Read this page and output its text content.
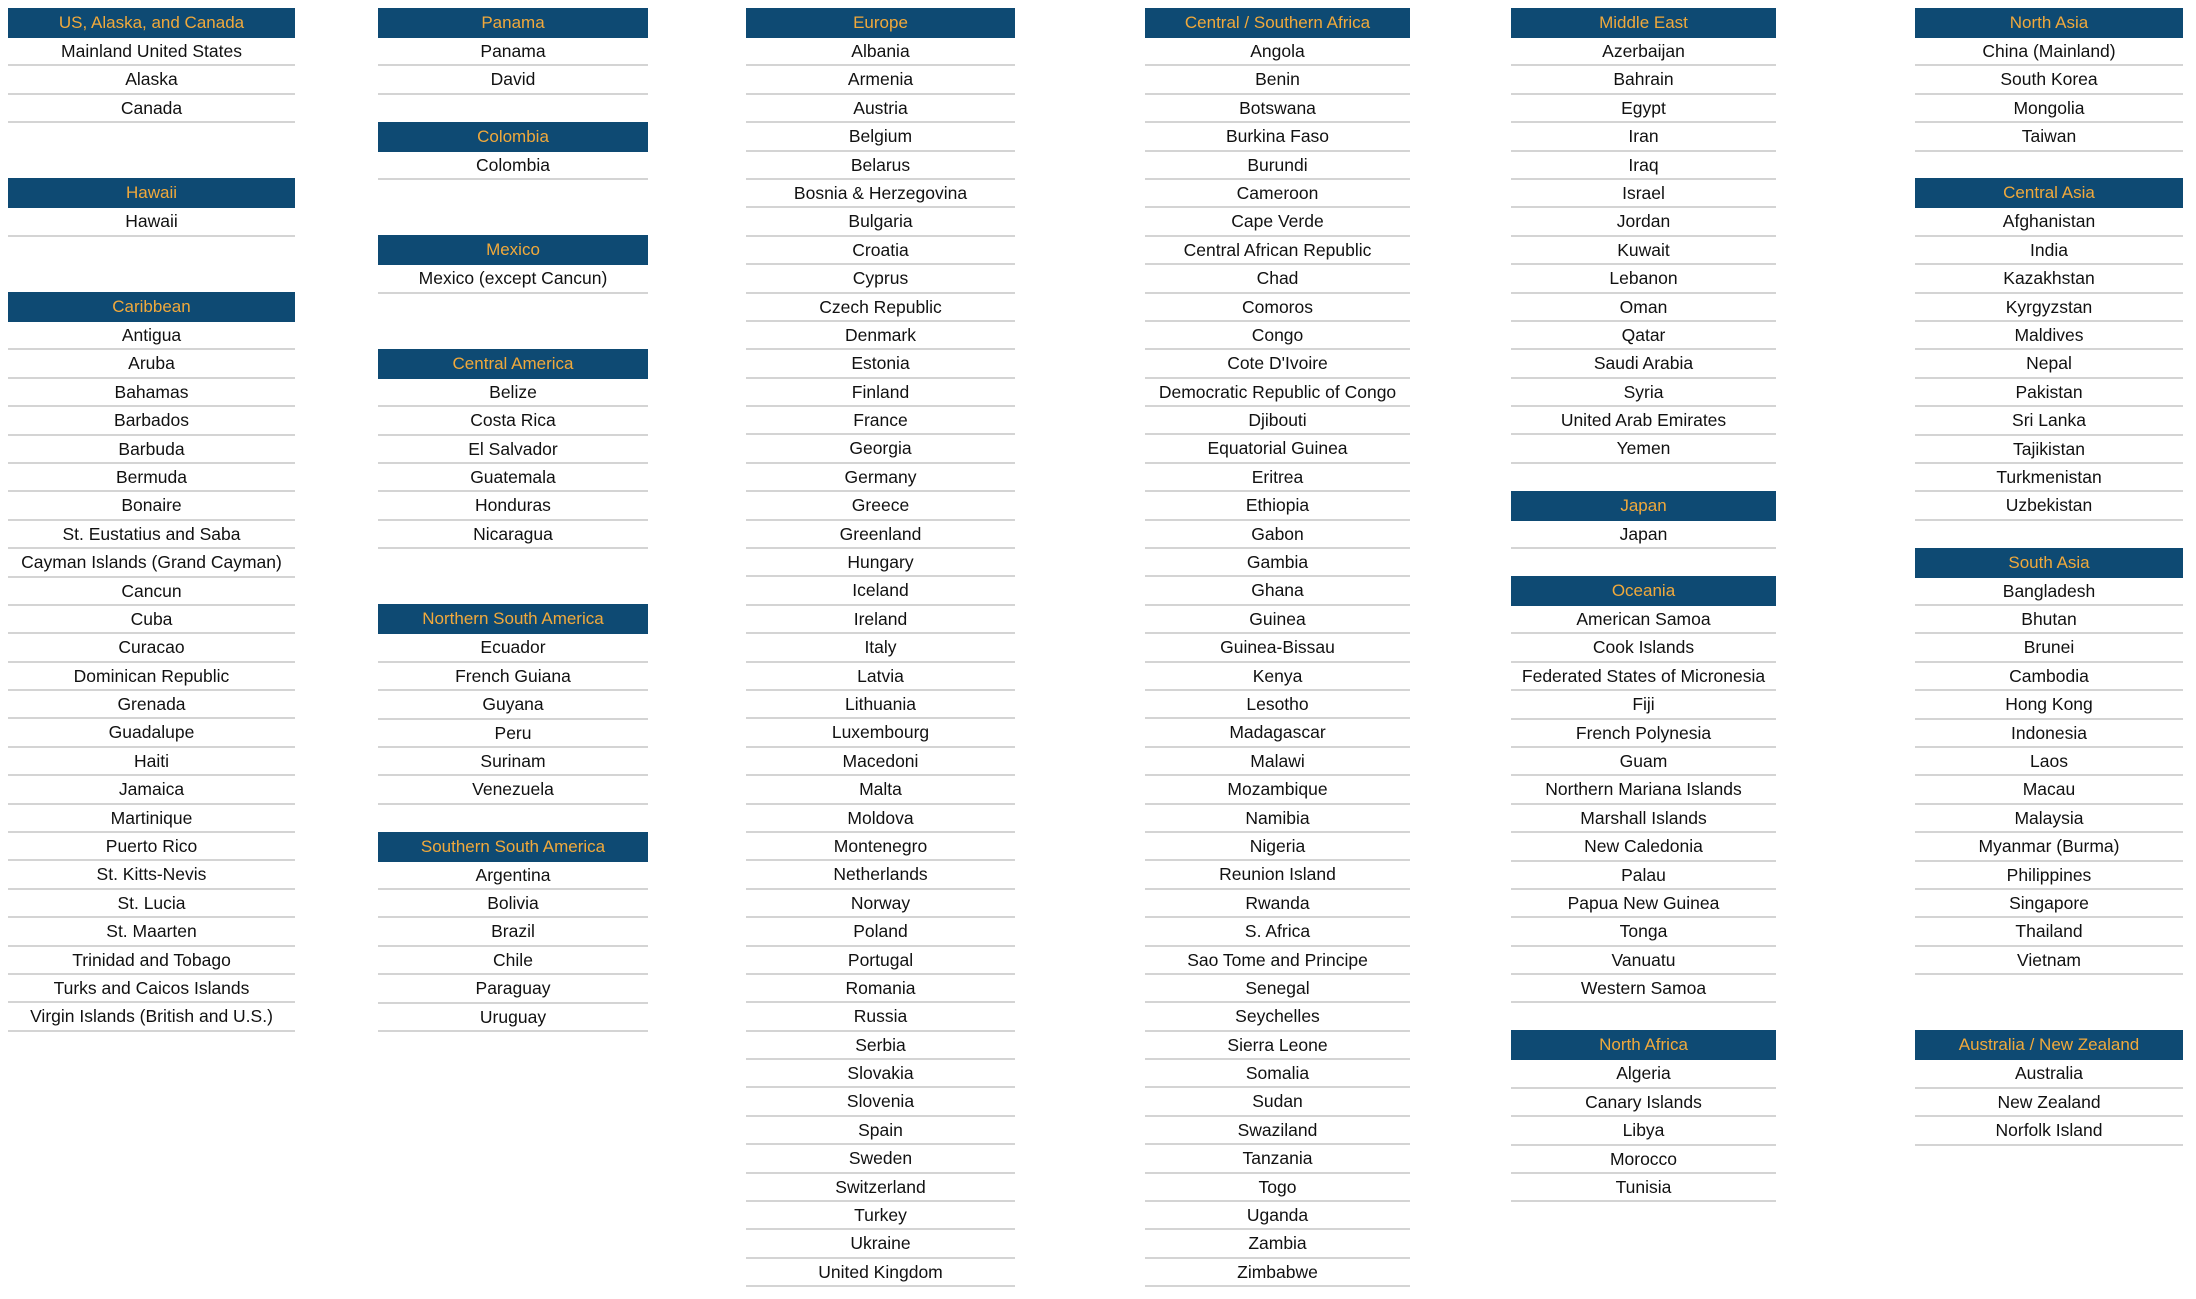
US, Alaska, and Canada
Mainland United States
Alaska
Canada
Hawaii
Hawaii
Caribbean
Antigua
Aruba
Bahamas
Barbados
Barbuda
Bermuda
Bonaire
St. Eustatius and Saba
Cayman Islands (Grand Cayman)
Cancun
Cuba
Curacao
Dominican Republic
Grenada
Guadalupe
Haiti
Jamaica
Martinique
Puerto Rico
St. Kitts-Nevis
St. Lucia
St. Maarten
Trinidad and Tobago
Turks and Caicos Islands
Virgin Islands (British and U.S.)
Panama
Panama
David
Colombia
Colombia
Mexico
Mexico (except Cancun)
Central America
Belize
Costa Rica
El Salvador
Guatemala
Honduras
Nicaragua
Northern South America
Ecuador
French Guiana
Guyana
Peru
Surinam
Venezuela
Southern South America
Argentina
Bolivia
Brazil
Chile
Paraguay
Uruguay
Europe
Albania
Armenia
Austria
Belgium
Belarus
Bosnia & Herzegovina
Bulgaria
Croatia
Cyprus
Czech Republic
Denmark
Estonia
Finland
France
Georgia
Germany
Greece
Greenland
Hungary
Iceland
Ireland
Italy
Latvia
Lithuania
Luxembourg
Macedoni
Malta
Moldova
Montenegro
Netherlands
Norway
Poland
Portugal
Romania
Russia
Serbia
Slovakia
Slovenia
Spain
Sweden
Switzerland
Turkey
Ukraine
United Kingdom
Central / Southern Africa
Angola
Benin
Botswana
Burkina Faso
Burundi
Cameroon
Cape Verde
Central African Republic
Chad
Comoros
Congo
Cote D'Ivoire
Democratic Republic of Congo
Djibouti
Equatorial Guinea
Eritrea
Ethiopia
Gabon
Gambia
Ghana
Guinea
Guinea-Bissau
Kenya
Lesotho
Madagascar
Malawi
Mozambique
Namibia
Nigeria
Reunion Island
Rwanda
S. Africa
Sao Tome and Principe
Senegal
Seychelles
Sierra Leone
Somalia
Sudan
Swaziland
Tanzania
Togo
Uganda
Zambia
Zimbabwe
Middle East
Azerbaijan
Bahrain
Egypt
Iran
Iraq
Israel
Jordan
Kuwait
Lebanon
Oman
Qatar
Saudi Arabia
Syria
United Arab Emirates
Yemen
Japan
Japan
Oceania
American Samoa
Cook Islands
Federated States of Micronesia
Fiji
French Polynesia
Guam
Northern Mariana Islands
Marshall Islands
New Caledonia
Palau
Papua New Guinea
Tonga
Vanuatu
Western Samoa
North Africa
Algeria
Canary Islands
Libya
Morocco
Tunisia
North Asia
China (Mainland)
South Korea
Mongolia
Taiwan
Central Asia
Afghanistan
India
Kazakhstan
Kyrgyzstan
Maldives
Nepal
Pakistan
Sri Lanka
Tajikistan
Turkmenistan
Uzbekistan
South Asia
Bangladesh
Bhutan
Brunei
Cambodia
Hong Kong
Indonesia
Laos
Macau
Malaysia
Myanmar (Burma)
Philippines
Singapore
Thailand
Vietnam
Australia / New Zealand
Australia
New Zealand
Norfolk Island
